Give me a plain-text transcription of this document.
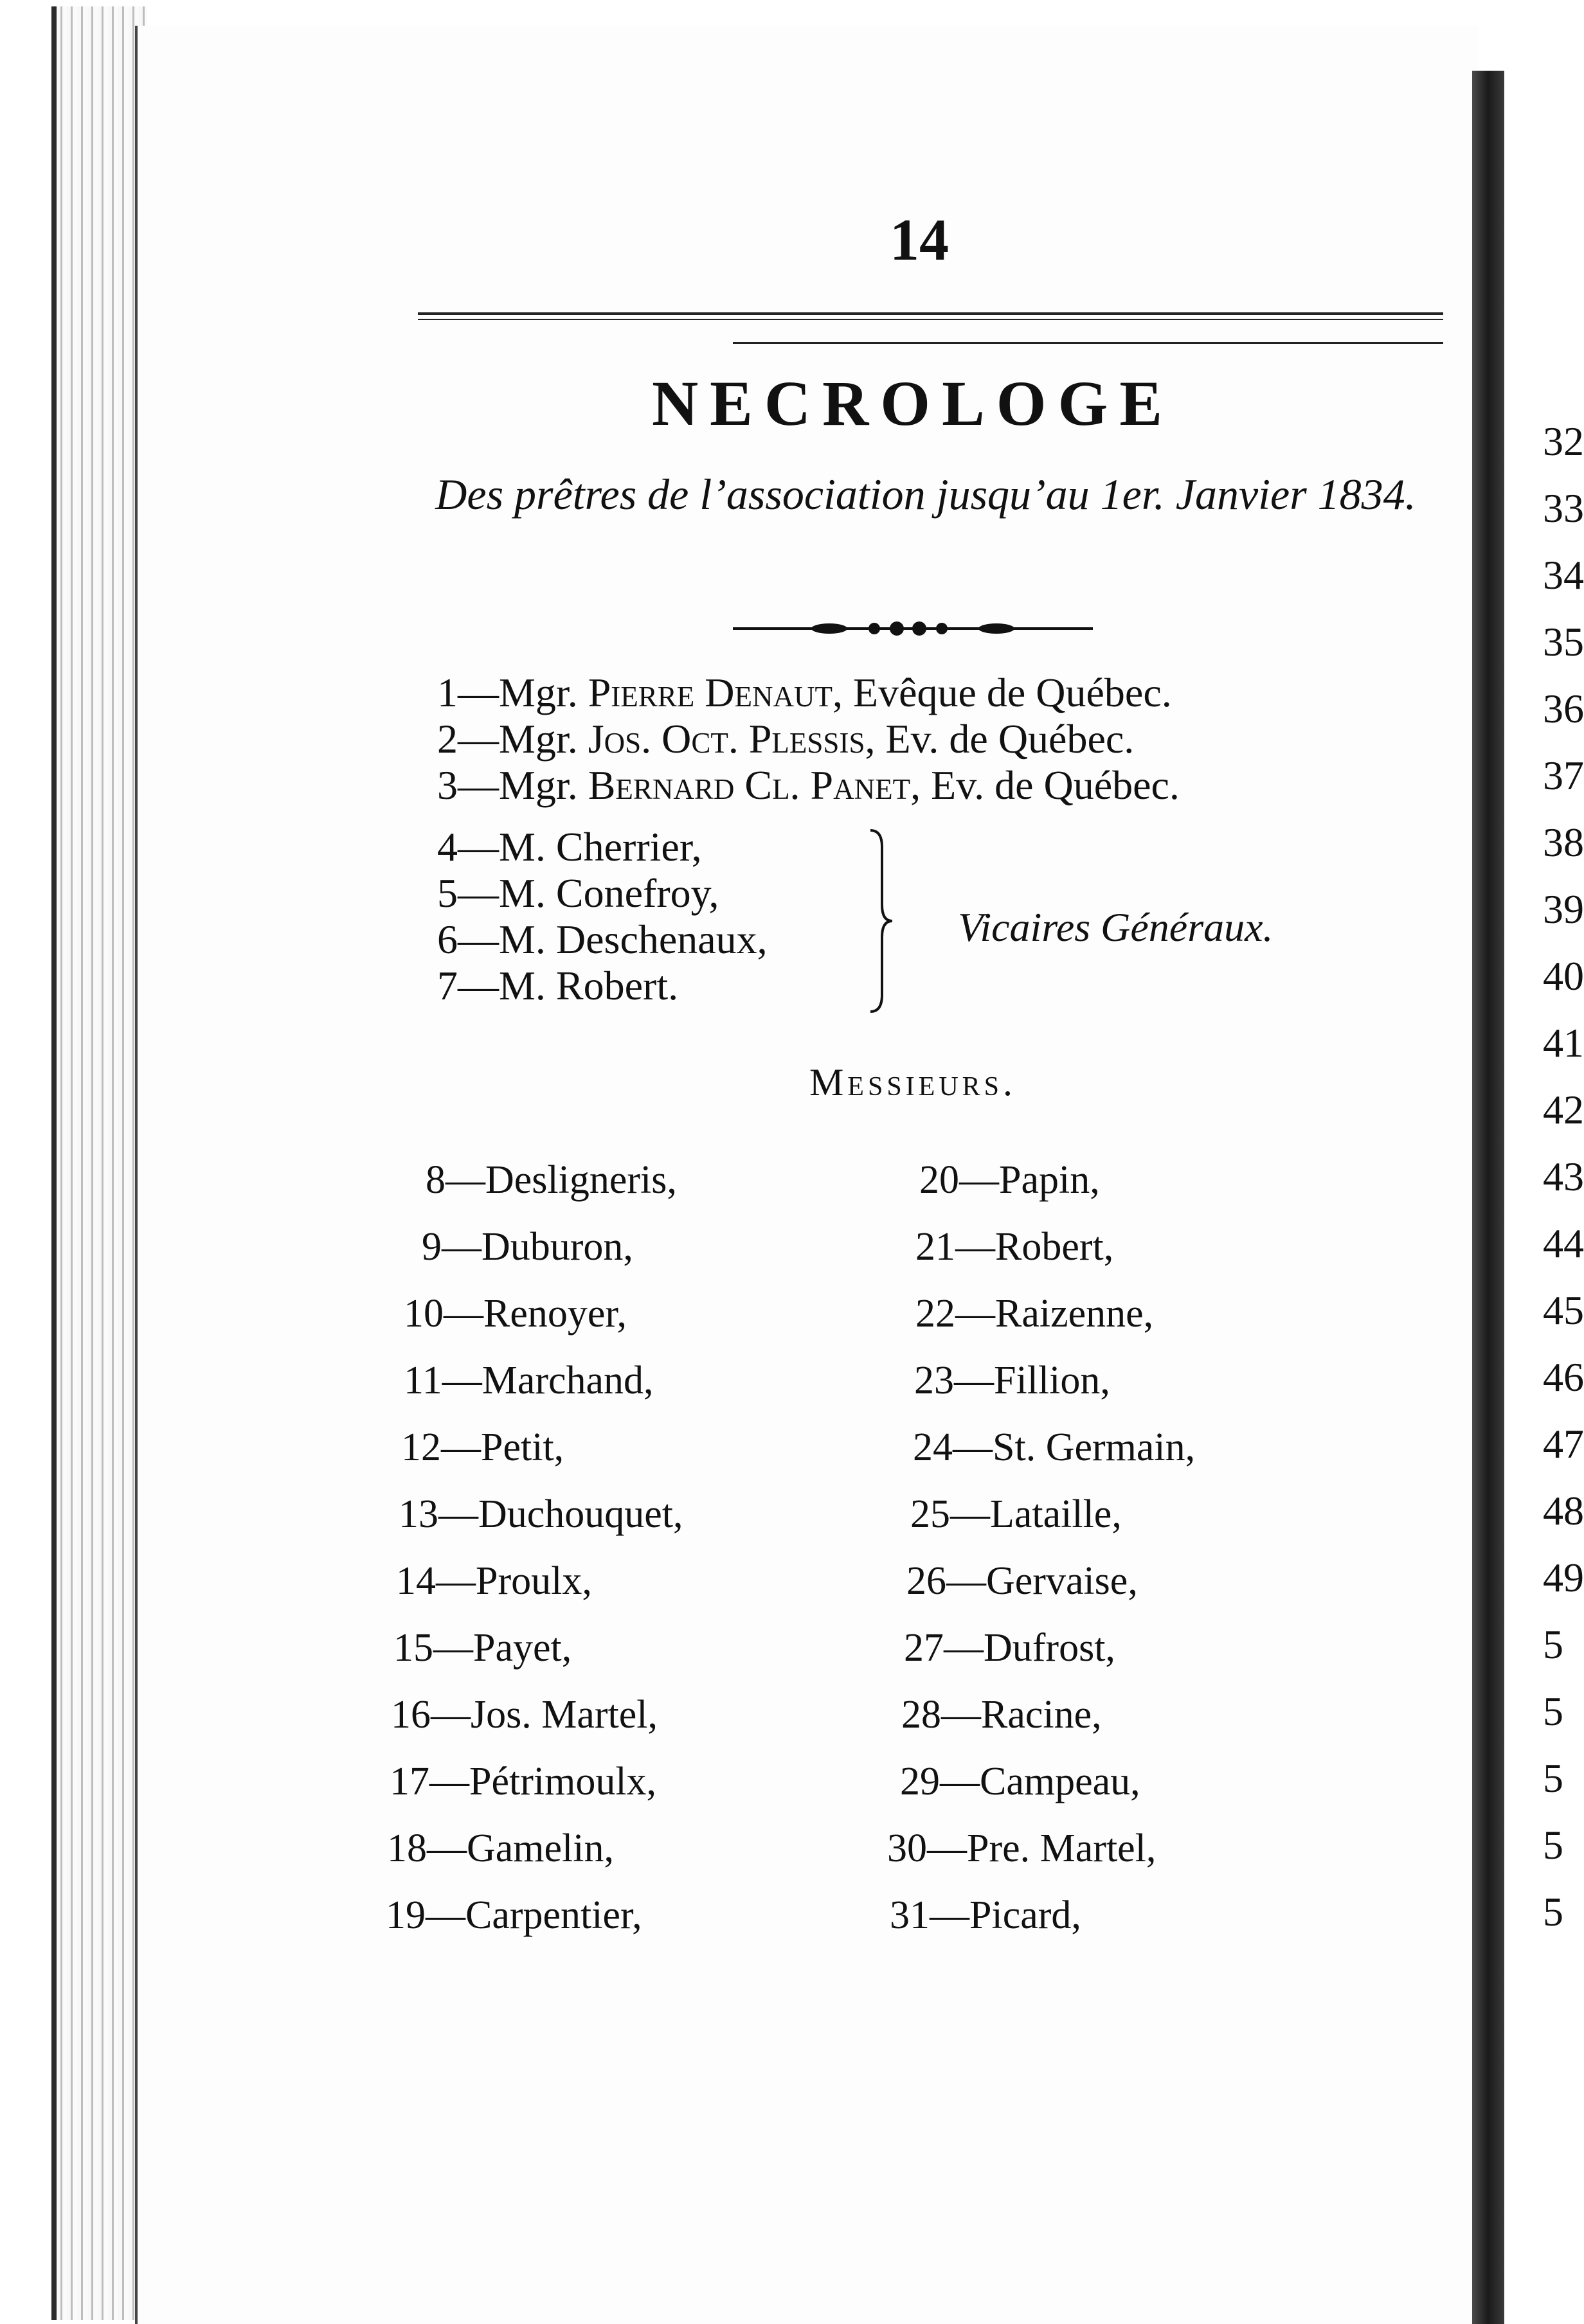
32
33
34
35
36
37
38
39
40
41
42
43
44
45
46
47
48
49
5
5
5
5
5
14
NECROLOGE
Des prêtres de l’association jusqu’au 1er. Janvier 1834.
1—Mgr. Pierre Denaut, Evêque de Québec.
2—Mgr. Jos. Oct. Plessis, Ev. de Québec.
3—Mgr. Bernard Cl. Panet, Ev. de Québec.
4—M. Cherrier,
5—M. Conefroy,
6—M. Deschenaux,
7—M. Robert.
Vicaires Généraux.
Messieurs.
8—Desligneris,
9—Duburon,
10—Renoyer,
11—Marchand,
12—Petit,
13—Duchouquet,
14—Proulx,
15—Payet,
16—Jos. Martel,
17—Pétrimoulx,
18—Gamelin,
19—Carpentier,
20—Papin,
21—Robert,
22—Raizenne,
23—Fillion,
24—St. Germain,
25—Lataille,
26—Gervaise,
27—Dufrost,
28—Racine,
29—Campeau,
30—Pre. Martel,
31—Picard,
